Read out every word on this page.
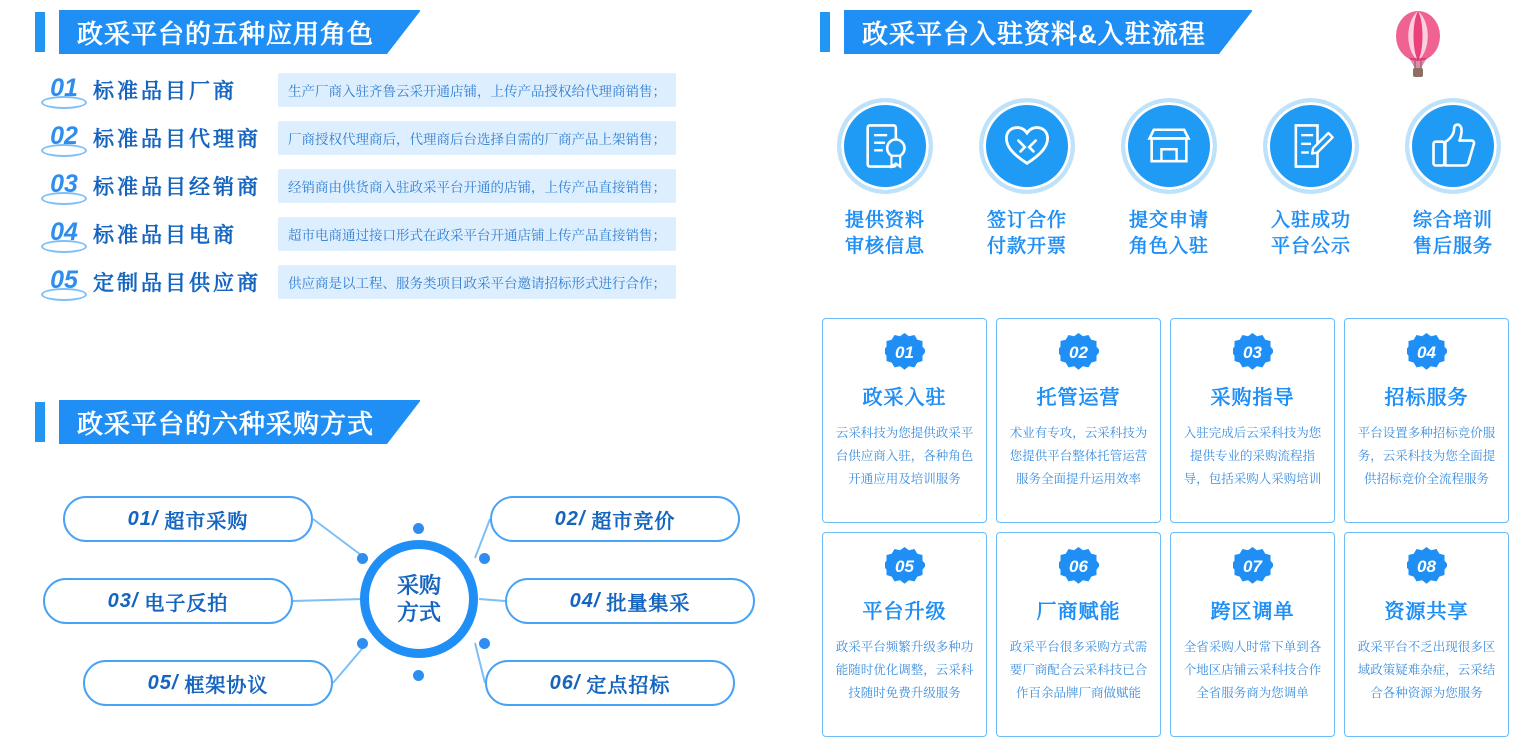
政采平台的五种应用角色
01 标准品目厂商	生产厂商入驻齐鲁云采开通店铺，上传产品授权给代理商销售；
02 标准品目代理商	厂商授权代理商后，代理商后台选择自需的厂商产品上架销售；
03 标准品目经销商	经销商由供货商入驻政采平台开通的店铺，上传产品直接销售；
04 标准品目电商	超市电商通过接口形式在政采平台开通店铺上传产品直接销售；
05 定制品目供应商	供应商是以工程、服务类项目政采平台邀请招标形式进行合作；
政采平台的六种采购方式
01/ 超市采购	02/ 超市竞价
03/ 电子反拍	04/ 批量集采
05/ 框架协议	06/ 定点招标
采购
方式
政采平台入驻资料&入驻流程
提供资料
审核信息
签订合作
付款开票
提交申请
角色入驻
入驻成功
平台公示
综合培训
售后服务
01
政采入驻
云采科技为您提供政采平台供应商入驻，各种角色开通应用及培训服务
02
托管运营
术业有专攻，云采科技为您提供平台整体托管运营服务全面提升运用效率
03
采购指导
入驻完成后云采科技为您提供专业的采购流程指导，包括采购人采购培训
04
招标服务
平台设置多种招标竞价服务，云采科技为您全面提供招标竞价全流程服务
05
平台升级
政采平台频繁升级多种功能随时优化调整，云采科技随时免费升级服务
06
厂商赋能
政采平台很多采购方式需要厂商配合云采科技已合作百余品牌厂商做赋能
07
跨区调单
全省采购人时常下单到各个地区店铺云采科技合作全省服务商为您调单
08
资源共享
政采平台不乏出现很多区域政策疑难杂症，云采结合各种资源为您服务
